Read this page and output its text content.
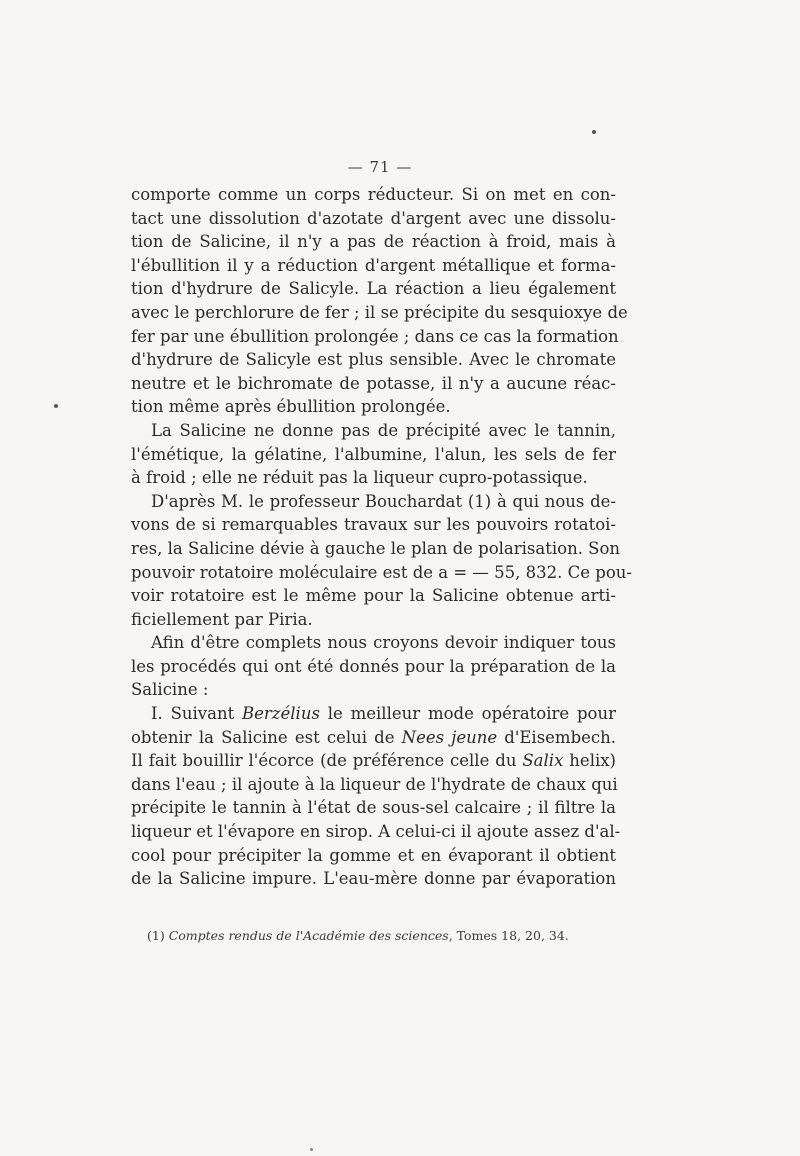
— 71 —
comporte comme un corps réducteur. Si on met en con-
tact une dissolution d'azotate d'argent avec une dissolu-
tion de Salicine, il n'y a pas de réaction à froid, mais à
l'ébullition il y a réduction d'argent métallique et forma-
tion d'hydrure de Salicyle. La réaction a lieu également
avec le perchlorure de fer ; il se précipite du sesquioxye de
fer par une ébullition prolongée ; dans ce cas la formation
d'hydrure de Salicyle est plus sensible. Avec le chromate
neutre et le bichromate de potasse, il n'y a aucune réac-
tion même après ébullition prolongée.
La Salicine ne donne pas de précipité avec le tannin,
l'émétique, la gélatine, l'albumine, l'alun, les sels de fer
à froid ; elle ne réduit pas la liqueur cupro-potassique.
D'après M. le professeur Bouchardat (1) à qui nous de-
vons de si remarquables travaux sur les pouvoirs rotatoi-
res, la Salicine dévie à gauche le plan de polarisation. Son
pouvoir rotatoire moléculaire est de a = — 55, 832. Ce pou-
voir rotatoire est le même pour la Salicine obtenue arti-
ficiellement par Piria.
Afin d'être complets nous croyons devoir indiquer tous
les procédés qui ont été donnés pour la préparation de la
Salicine :
I. Suivant Berzélius le meilleur mode opératoire pour
obtenir la Salicine est celui de Nees jeune d'Eisembech.
Il fait bouillir l'écorce (de préférence celle du Salix helix)
dans l'eau ; il ajoute à la liqueur de l'hydrate de chaux qui
précipite le tannin à l'état de sous-sel calcaire ; il filtre la
liqueur et l'évapore en sirop. A celui-ci il ajoute assez d'al-
cool pour précipiter la gomme et en évaporant il obtient
de la Salicine impure. L'eau-mère donne par évaporation
(1) Comptes rendus de l'Académie des sciences, Tomes 18, 20, 34.
